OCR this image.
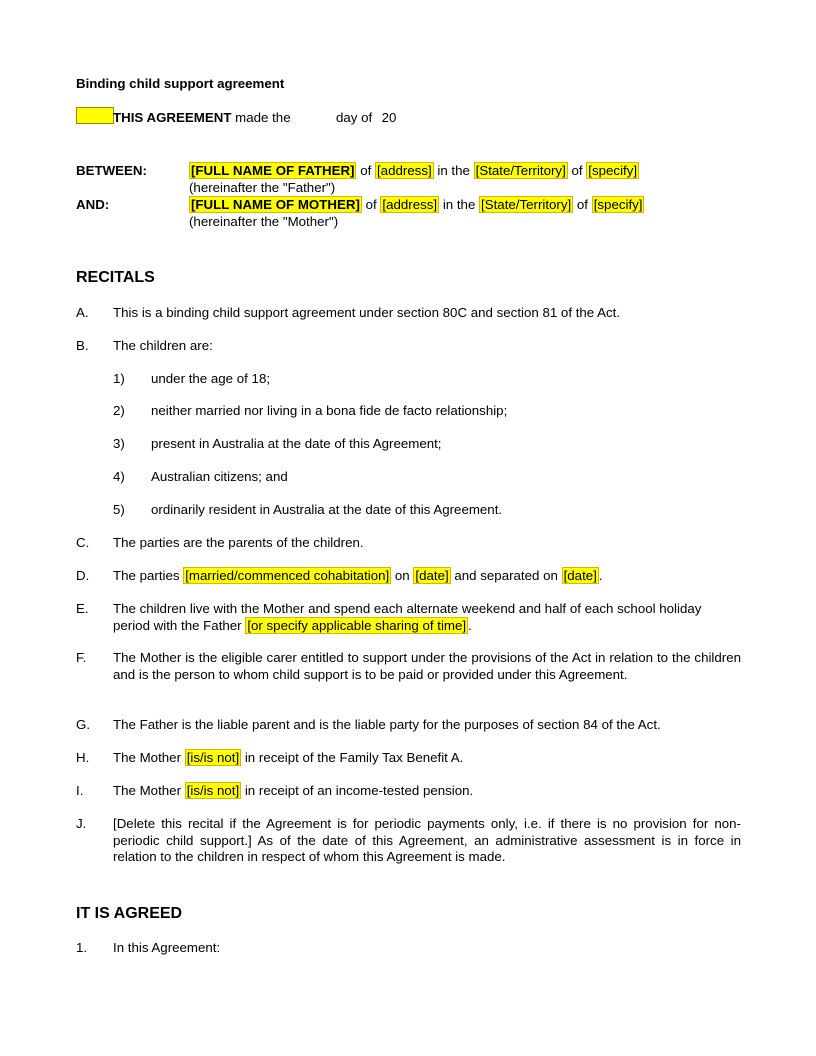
Binding child support agreement
THIS AGREEMENT made the	day of 20
BETWEEN:	[FULL NAME OF FATHER] of [address] in the [State/Territory] of [specify]
(hereinafter the "Father")
AND:	[FULL NAME OF MOTHER] of [address] in the [State/Territory] of [specify]
(hereinafter the "Mother")
RECITALS
A. This is a binding child support agreement under section 80C and section 81 of the Act.
B. The children are:
1) under the age of 18;
2) neither married nor living in a bona fide de facto relationship;
3) present in Australia at the date of this Agreement;
4) Australian citizens; and
5) ordinarily resident in Australia at the date of this Agreement.
C. The parties are the parents of the children.
D. The parties [married/commenced cohabitation] on [date] and separated on [date] .
E. The children live with the Mother and spend each alternate weekend and half of each school holiday period with the Father [or specify applicable sharing of time] .
F. The Mother is the eligible carer entitled to support under the provisions of the Act in relation to the children and is the person to whom child support is to be paid or provided under this Agreement.
G. The Father is the liable parent and is the liable party for the purposes of section 84 of the Act.
H. The Mother [is/is not] in receipt of the Family Tax Benefit A.
I. The Mother [is/is not] in receipt of an income-tested pension.
J. [Delete this recital if the Agreement is for periodic payments only, i.e. if there is no provision for non-periodic child support.] As of the date of this Agreement, an administrative assessment is in force in relation to the children in respect of whom this Agreement is made.
IT IS AGREED
1. In this Agreement:
